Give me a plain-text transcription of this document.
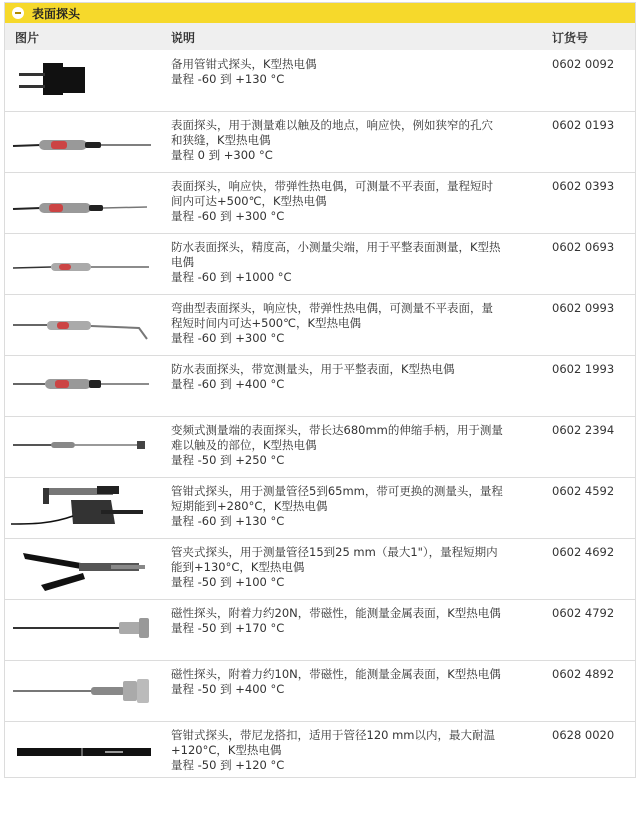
表面探头
图片	说明	订货号
备用管钳式探头，K型热电偶
量程 -60 到 +130 °C
0602 0092
表面探头，用于测量难以触及的地点，响应快，例如狭窄的孔穴
和狭缝，K型热电偶
量程 0 到 +300 °C
0602 0193
表面探头，响应快，带弹性热电偶，可测量不平表面，量程短时
间内可达+500℃，K型热电偶
量程 -60 到 +300 °C
0602 0393
防水表面探头，精度高，小测量尖端，用于平整表面测量，K型热
电偶
量程 -60 到 +1000 °C
0602 0693
弯曲型表面探头，响应快，带弹性热电偶，可测量不平表面，量
程短时间内可达+500℃，K型热电偶
量程 -60 到 +300 °C
0602 0993
防水表面探头，带宽测量头，用于平整表面，K型热电偶
量程 -60 到 +400 °C
0602 1993
变频式测量端的表面探头，带长达680mm的伸缩手柄，用于测量
难以触及的部位，K型热电偶
量程 -50 到 +250 °C
0602 2394
管钳式探头，用于测量管径5到65mm，带可更换的测量头，量程
短期能到+280°C，K型热电偶
量程 -60 到 +130 °C
0602 4592
管夹式探头，用于测量管径15到25 mm（最大1"），量程短期内
能到+130°C，K型热电偶
量程 -50 到 +100 °C
0602 4692
磁性探头，附着力约20N，带磁性，能测量金属表面，K型热电偶
量程 -50 到 +170 °C
0602 4792
磁性探头，附着力约10N，带磁性，能测量金属表面，K型热电偶
量程 -50 到 +400 °C
0602 4892
管钳式探头，带尼龙搭扣，适用于管径120 mm以内，最大耐温
+120°C，K型热电偶
量程 -50 到 +120 °C
0628 0020
